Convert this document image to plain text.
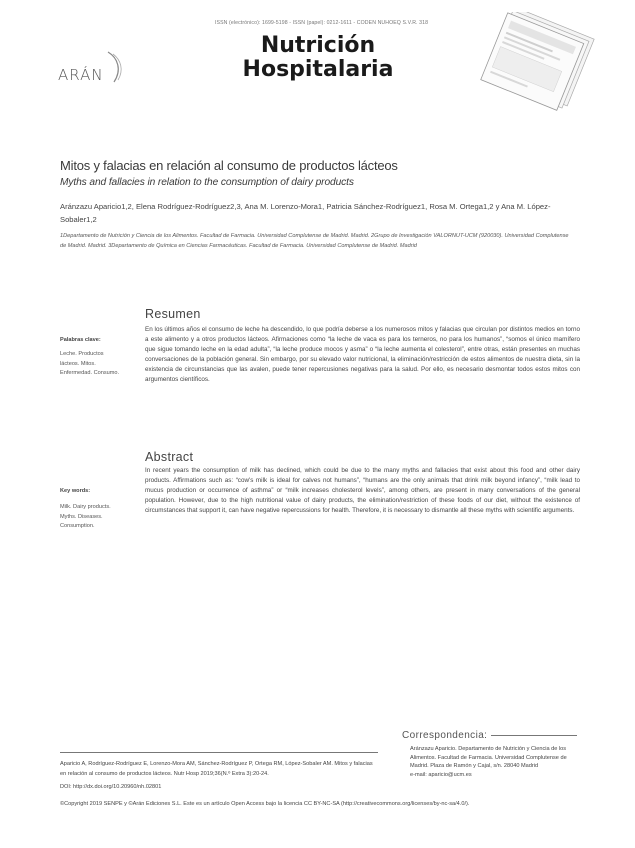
ISSN (electrónico): 1699-5198 - ISSN (papel): 0212-1611 - CODEN NUHOEQ S.V.R. 318
Nutrición
Hospitalaria
ARÁN
Mitos y falacias en relación al consumo de productos lácteos
Myths and fallacies in relation to the consumption of dairy products
Aránzazu Aparicio1,2, Elena Rodríguez-Rodríguez2,3, Ana M. Lorenzo-Mora1, Patricia Sánchez-Rodríguez1, Rosa M. Ortega1,2 y Ana M. López-Sobaler1,2
1Departamento de Nutrición y Ciencia de los Alimentos. Facultad de Farmacia. Universidad Complutense de Madrid. Madrid. 2Grupo de Investigación VALORNUT-UCM (920030). Universidad Complutense de Madrid. Madrid. 3Departamento de Química en Ciencias Farmacéuticas. Facultad de Farmacia. Universidad Complutense de Madrid. Madrid
Resumen
Palabras clave:
Leche. Productos lácteos. Mitos. Enfermedad. Consumo.
En los últimos años el consumo de leche ha descendido, lo que podría deberse a los numerosos mitos y falacias que circulan por distintos medios en torno a este alimento y a otros productos lácteos. Afirmaciones como “la leche de vaca es para los terneros, no para los humanos”, “somos el único mamífero que sigue tomando leche en la edad adulta”, “la leche produce mocos y asma” o “la leche aumenta el colesterol”, entre otras, están presentes en muchas conversaciones de la población general. Sin embargo, por su elevado valor nutricional, la eliminación/restricción de estos alimentos de nuestra dieta, sin la existencia de circunstancias que las avalen, puede tener repercusiones negativas para la salud. Por ello, es necesario desmontar todos estos mitos con argumentos científicos.
Abstract
Key words:
Milk. Dairy products. Myths. Diseases. Consumption.
In recent years the consumption of milk has declined, which could be due to the many myths and fallacies that exist about this food and other dairy products. Affirmations such as: “cow's milk is ideal for calves not humans”, “humans are the only animals that drink milk beyond infancy”, “milk lead to mucus production or occurrence of asthma” or “milk increases cholesterol levels”, among others, are present in many conversations of the general population. However, due to the high nutritional value of dairy products, the elimination/restriction of these foods of our diet, without the existence of circumstances that support it, can have negative repercussions for health. Therefore, it is necessary to dismantle all these myths with scientific arguments.
Correspondencia:
Aránzazu Aparicio. Departamento de Nutrición y Ciencia de los Alimentos. Facultad de Farmacia. Universidad Complutense de Madrid. Plaza de Ramón y Cajal, s/n. 28040 Madrid
e-mail: aparicio@ucm.es
Aparicio A, Rodríguez-Rodríguez E, Lorenzo-Mora AM, Sánchez-Rodríguez P, Ortega RM, López-Sobaler AM. Mitos y falacias en relación al consumo de productos lácteos. Nutr Hosp 2019;36(N.º Extra 3):20-24.
DOI: http://dx.doi.org/10.20960/nh.02801
©Copyright 2019 SENPE y ©Arán Ediciones S.L. Este es un artículo Open Access bajo la licencia CC BY-NC-SA (http://creativecommons.org/licenses/by-nc-sa/4.0/).
